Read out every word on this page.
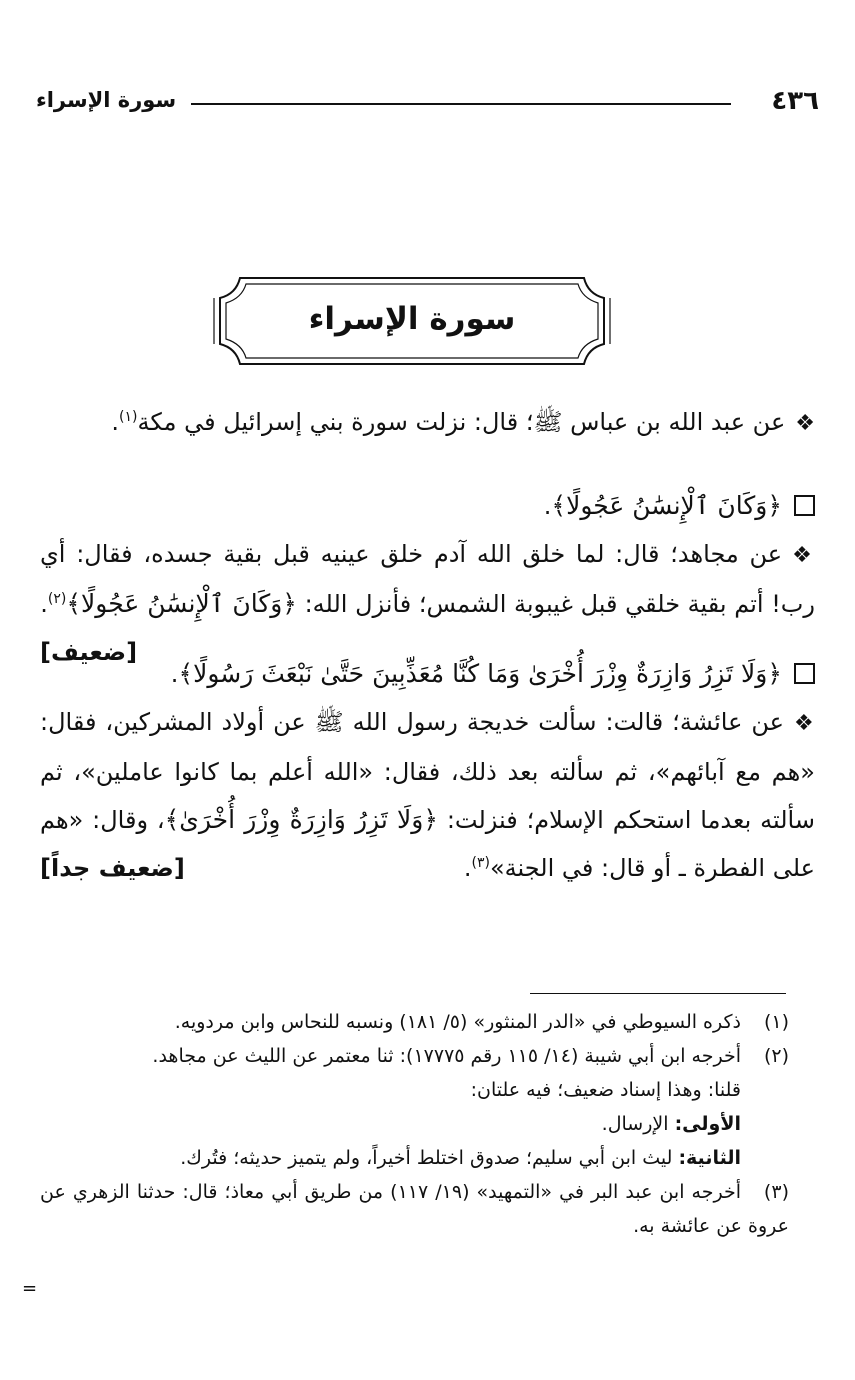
٤٣٦
سورة الإسراء
سورة الإسراء

❖عن عبد الله بن عباس ﷺ؛ قال: نزلت سورة بني إسرائيل في مكة$^{(١)}$.

﴿وَكَانَ ٱلْإِنسَٰنُ عَجُولًا﴾.

❖عن مجاهد؛ قال: لما خلق الله آدم خلق عينيه قبل بقية جسده، فقال: أي رب! أتم بقية خلقي قبل غيبوبة الشمس؛ فأنزل الله: ﴿وَكَانَ ٱلْإِنسَٰنُ عَجُولًا﴾$^{(٢)}$.
[ضعيف]

﴿وَلَا تَزِرُ وَازِرَةٌ وِزْرَ أُخْرَىٰ وَمَا كُنَّا مُعَذِّبِينَ حَتَّىٰ نَبْعَثَ رَسُولًا﴾.

❖عن عائشة؛ قالت: سألت خديجة رسول الله ﷺ عن أولاد المشركين، فقال: «هم مع آبائهم»، ثم سألته بعد ذلك، فقال: «الله أعلم بما كانوا عاملين»، ثم سألته بعدما استحكم الإسلام؛ فنزلت: ﴿وَلَا تَزِرُ وَازِرَةٌ وِزْرَ أُخْرَىٰ﴾، وقال: «هم على الفطرة ـ أو قال: في الجنة»$^{(٣)}$.
[ضعيف جداً]

(١)ذكره السيوطي في «الدر المنثور» (٥/ ١٨١) ونسبه للنحاس وابن مردويه.

(٢)أخرجه ابن أبي شيبة (١٤/ ١١٥ رقم ١٧٧٧٥): ثنا معتمر عن الليث عن مجاهد.

قلنا: وهذا إسناد ضعيف؛ فيه علتان:

الأولى: الإرسال.

الثانية: ليث ابن أبي سليم؛ صدوق اختلط أخيراً، ولم يتميز حديثه؛ فتُرك.

(٣)أخرجه ابن عبد البر في «التمهيد» (١٩/ ١١٧) من طريق أبي معاذ؛ قال: حدثنا الزهري عن عروة عن عائشة به.

=
